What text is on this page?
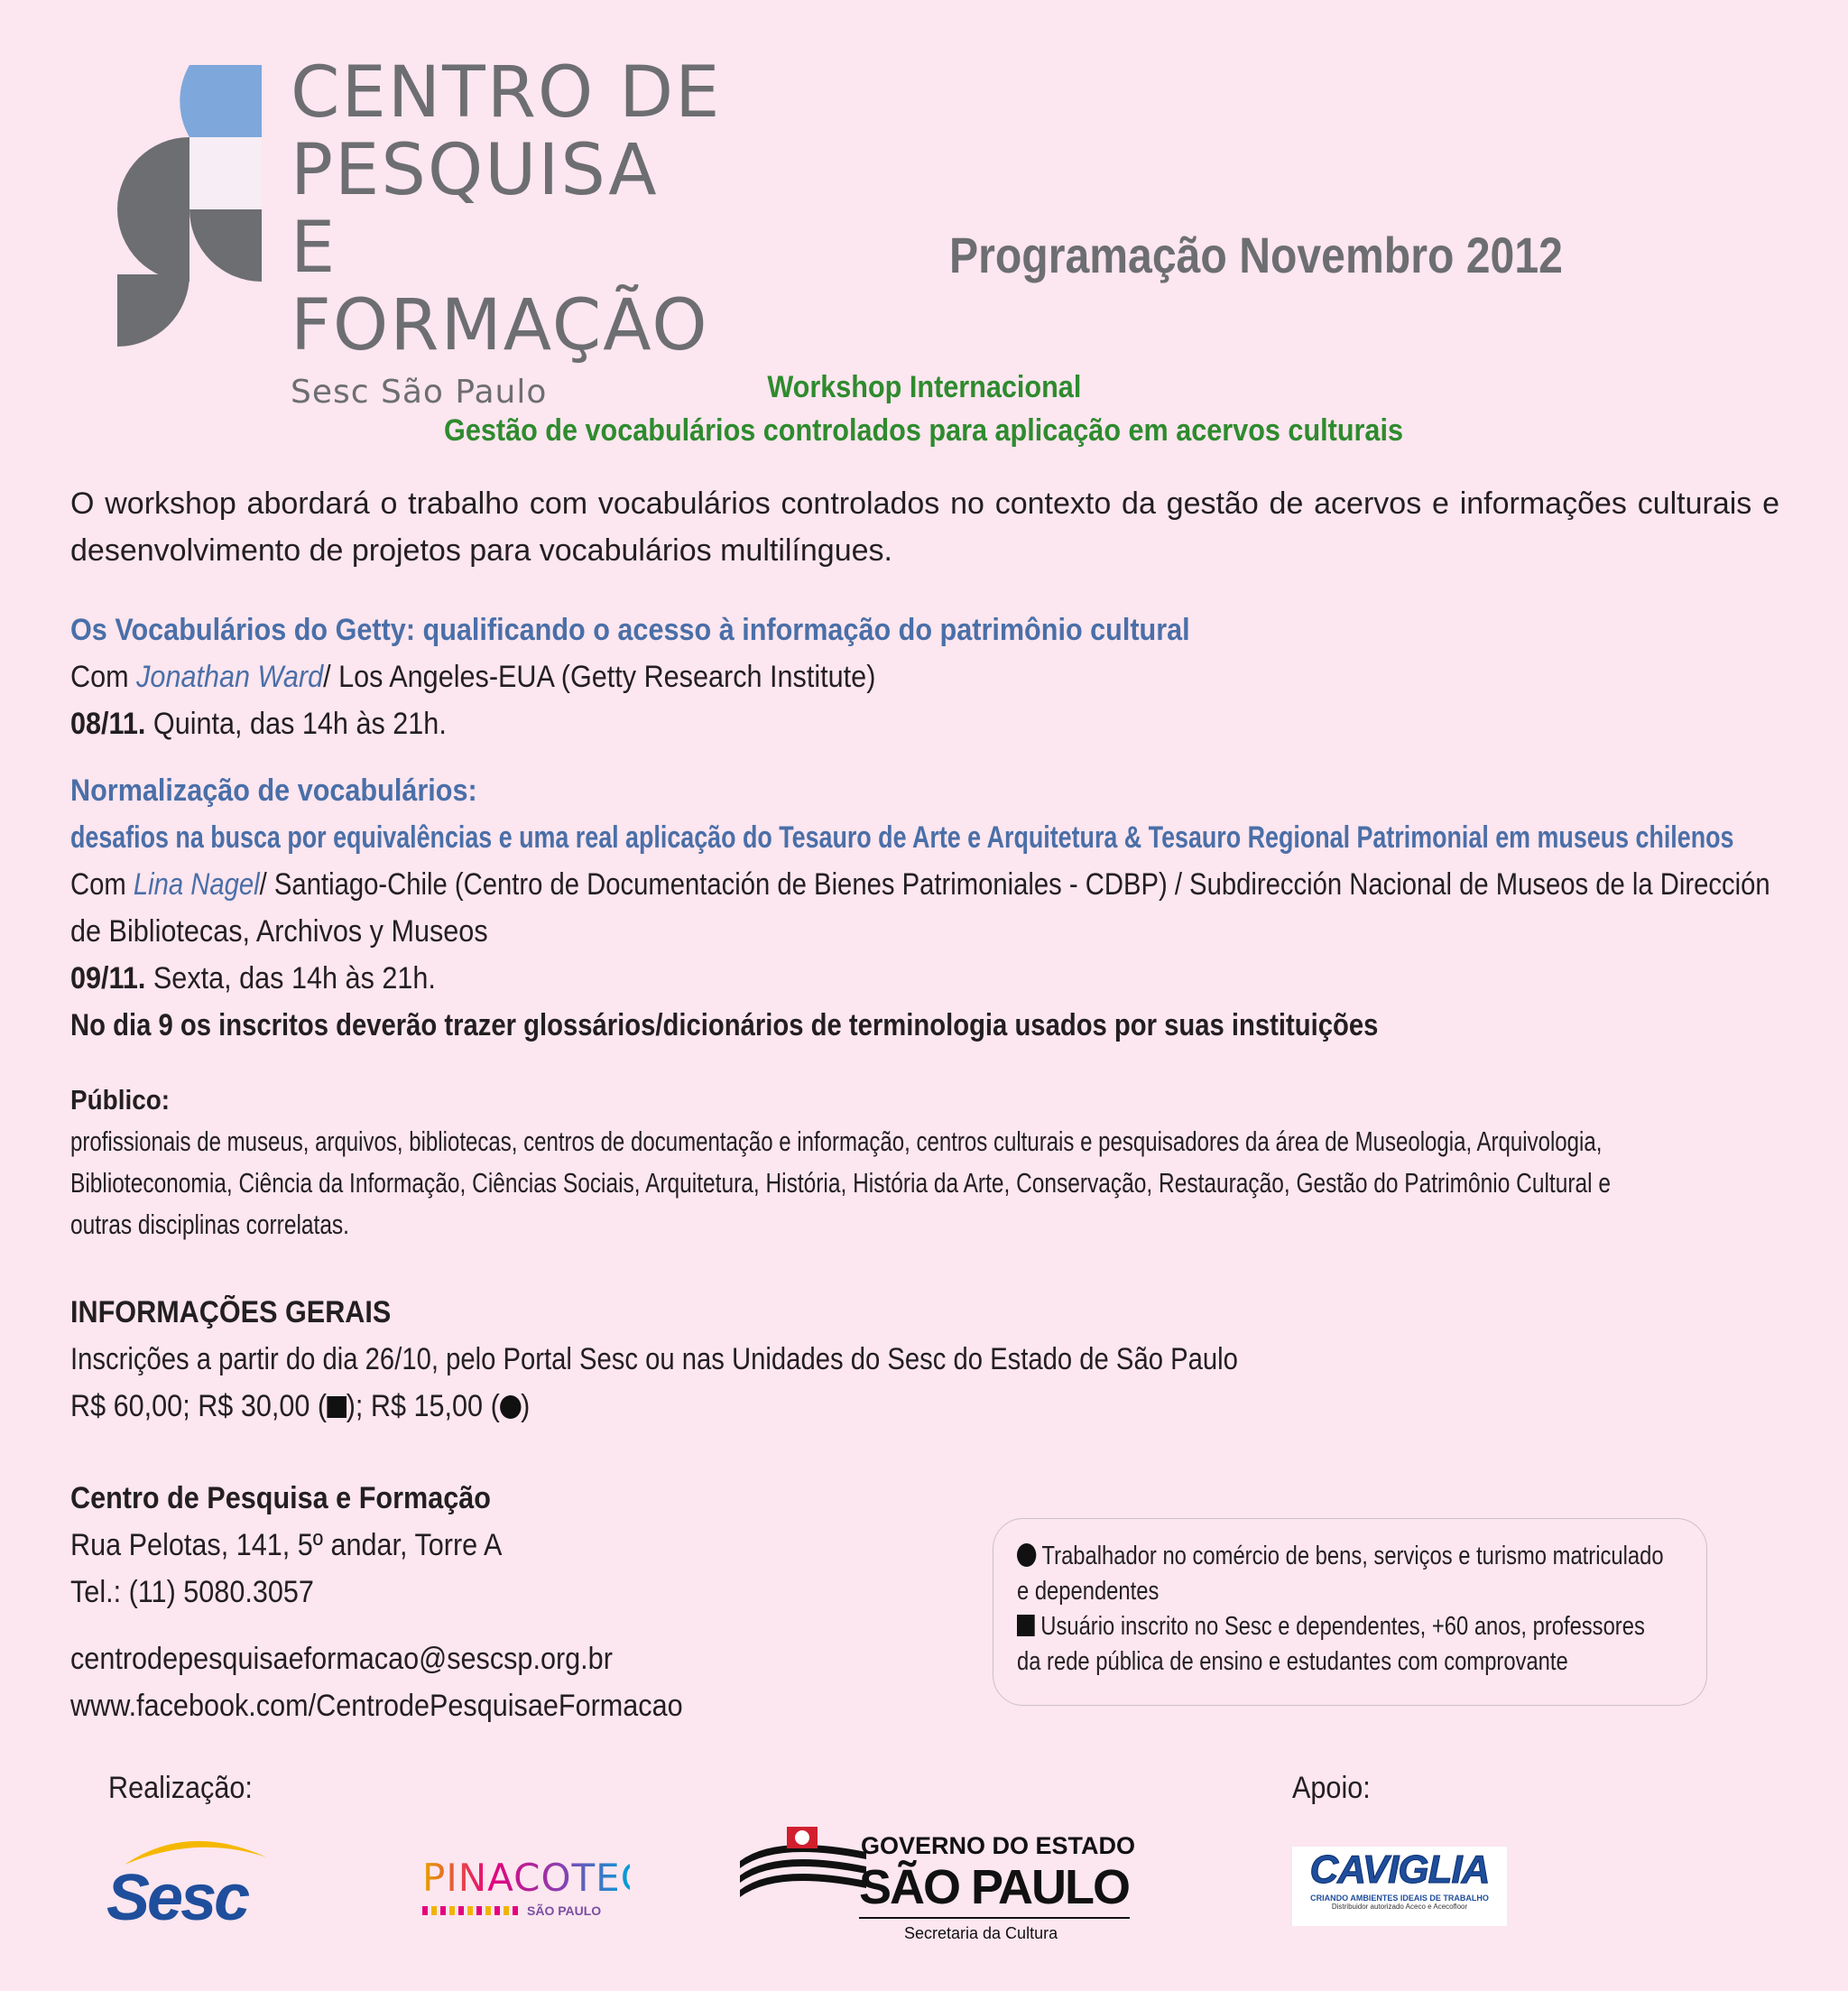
CENTRO DE
PESQUISA
E FORMAÇÃO
Sesc São Paulo
Programação Novembro 2012
Workshop Internacional
Gestão de vocabulários controlados para aplicação em acervos culturais
O workshop abordará o trabalho com vocabulários controlados no contexto da gestão de acervos e informações culturais e desenvolvimento de projetos para vocabulários multilíngues.
Os Vocabulários do Getty: qualificando o acesso à informação do patrimônio cultural
Com Jonathan Ward/ Los Angeles-EUA (Getty Research Institute)
08/11. Quinta, das 14h às 21h.
Normalização de vocabulários:
desafios na busca por equivalências e uma real aplicação do Tesauro de Arte e Arquitetura & Tesauro Regional Patrimonial em museus chilenos
Com Lina Nagel/ Santiago-Chile (Centro de Documentación de Bienes Patrimoniales - CDBP) / Subdirección Nacional de Museos de la Dirección
de Bibliotecas, Archivos y Museos
09/11. Sexta, das 14h às 21h.
No dia 9 os inscritos deverão trazer glossários/dicionários de terminologia usados por suas instituições
Público:
profissionais de museus, arquivos, bibliotecas, centros de documentação e informação, centros culturais e pesquisadores da área de Museologia, Arquivologia,
Biblioteconomia, Ciência da Informação, Ciências Sociais, Arquitetura, História, História da Arte, Conservação, Restauração, Gestão do Patrimônio Cultural e
outras disciplinas correlatas.
INFORMAÇÕES GERAIS
Inscrições a partir do dia 26/10, pelo Portal Sesc ou nas Unidades do Sesc do Estado de São Paulo
R$ 60,00; R$ 30,00 ( ); R$ 15,00 ( )
Centro de Pesquisa e Formação
Rua Pelotas, 141, 5º andar, Torre A
Tel.: (11) 5080.3057

centrodepesquisaeformacao@sescsp.org.br
www.facebook.com/CentrodePesquisaeFormacao
Trabalhador no comércio de bens, serviços e turismo matriculado
e dependentes
Usuário inscrito no Sesc e dependentes, +60 anos, professores
da rede pública de ensino e estudantes com comprovante
Realização:	Apoio:
Sesc	PINACOTECA
SÃO PAULO
GOVERNO DO ESTADO
SÃO PAULO
Secretaria da Cultura
CAVIGLIA
CRIANDO AMBIENTES IDEAIS DE TRABALHO
Distribuidor autorizado Aceco e Acecofloor
